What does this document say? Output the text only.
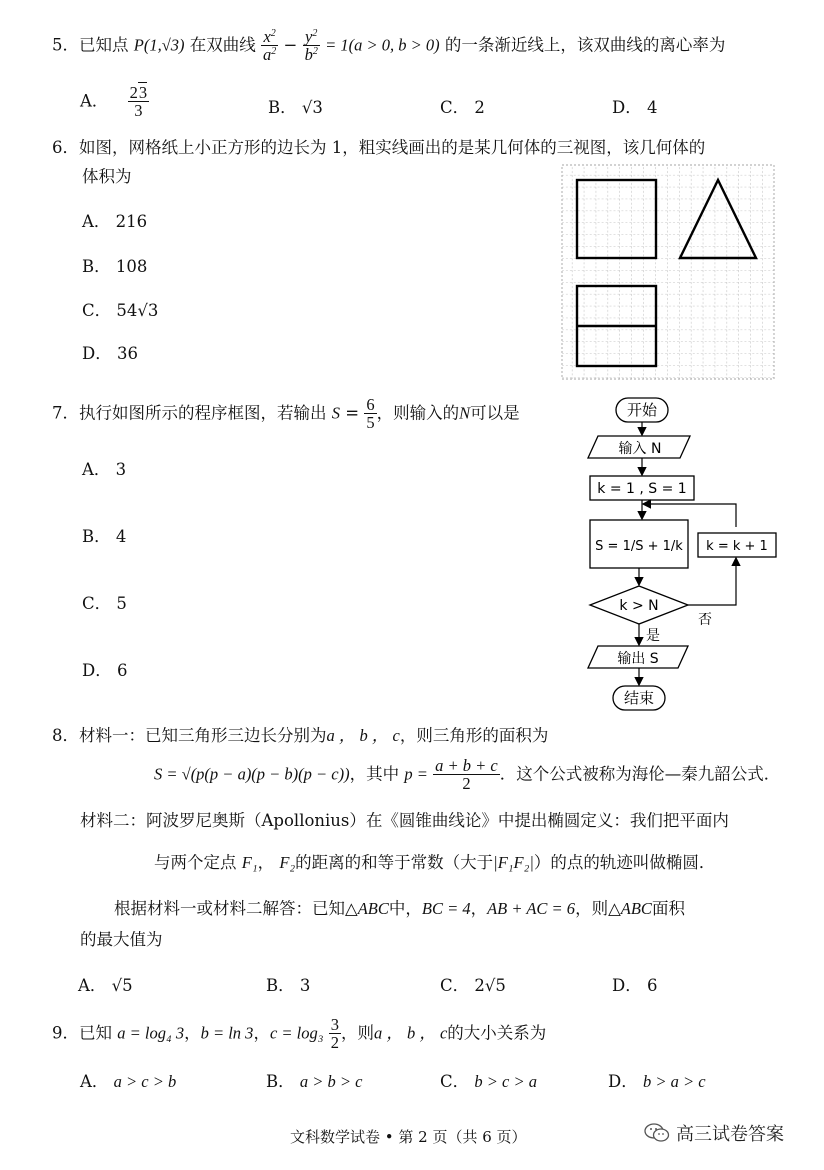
5．已知点 P(1,√3) 在双曲线 $\frac{x^2}{a^2} - \frac{y^2}{b^2} = 1(a > 0$, b > 0) 的一条渐近线上，该双曲线的离心率为
A． $\frac{23}{3}$	B． √3	C． 2	D． 4
6．如图，网格纸上小正方形的边长为 1，粗实线画出的是某几何体的三视图，该几何体的
体积为
A． 216
B． 108
C． 54√3
D． 36
7．执行如图所示的程序框图，若输出 $S = \frac{6}{5}$ ，则输入的N可以是
A． 3
B． 4
C． 5
D． 6
开始
输入 N
k = 1 , S = 1
S = 1/S + 1/k k = k + 1
k > N
否
是
输出 S
结束
8．材料一：已知三角形三边长分别为a ， b ， c，则三角形的面积为
S = √(p(p − a)(p − b)(p − c))，其中 $p = \frac{a + b + c}{2}$ ．这个公式被称为海伦—秦九韶公式．
材料二：阿波罗尼奥斯（Apollonius）在《圆锥曲线论》中提出椭圆定义：我们把平面内
与两个定点 F₁， F₂的距离的和等于常数（大于|F₁F₂|）的点的轨迹叫做椭圆．
根据材料一或材料二解答：已知△ABC中，BC = 4，AB + AC = 6，则△ABC面积
的最大值为
A． √5	B． 3	C． 2√5	D． 6
9．已知 a = log₄ 3，b = ln 3，$c = \log_3 \frac{3}{2}$ ，则a ， b ， c的大小关系为
A． a > c > b	B． a > b > c	C． b > c > a	D． b > a > c
文科数学试卷 • 第 2 页（共 6 页）	高三试卷答案
